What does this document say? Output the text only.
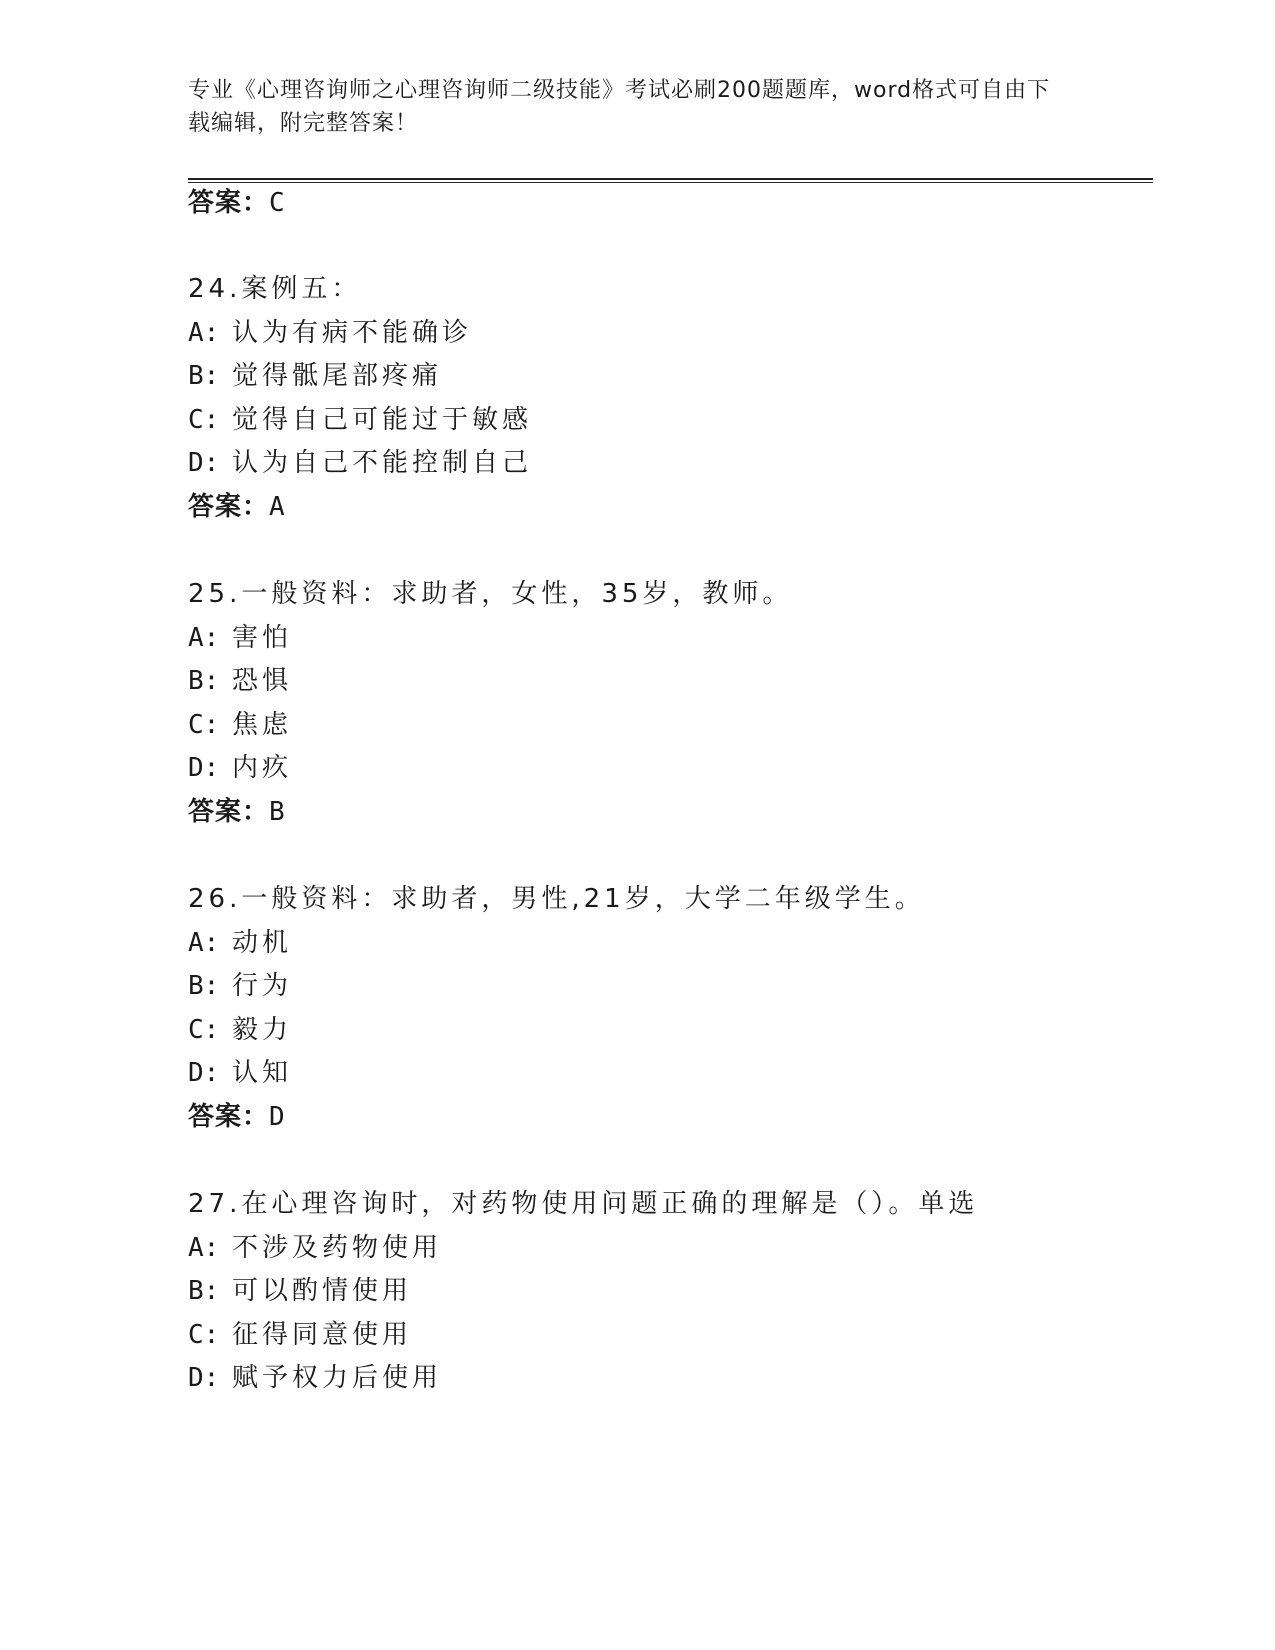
专业《心理咨询师之心理咨询师二级技能》考试必刷200题题库，word格式可自由下载编辑，附完整答案！
答案：C
24.案例五：
A: 认为有病不能确诊
B: 觉得骶尾部疼痛
C: 觉得自己可能过于敏感
D: 认为自己不能控制自己
答案：A
25.一般资料：求助者，女性，35岁，教师。
A: 害怕
B: 恐惧
C: 焦虑
D: 内疚
答案：B
26.一般资料：求助者，男性,21岁，大学二年级学生。
A: 动机
B: 行为
C: 毅力
D: 认知
答案：D
27.在心理咨询时，对药物使用问题正确的理解是（）。单选
A: 不涉及药物使用
B: 可以酌情使用
C: 征得同意使用
D: 赋予权力后使用
